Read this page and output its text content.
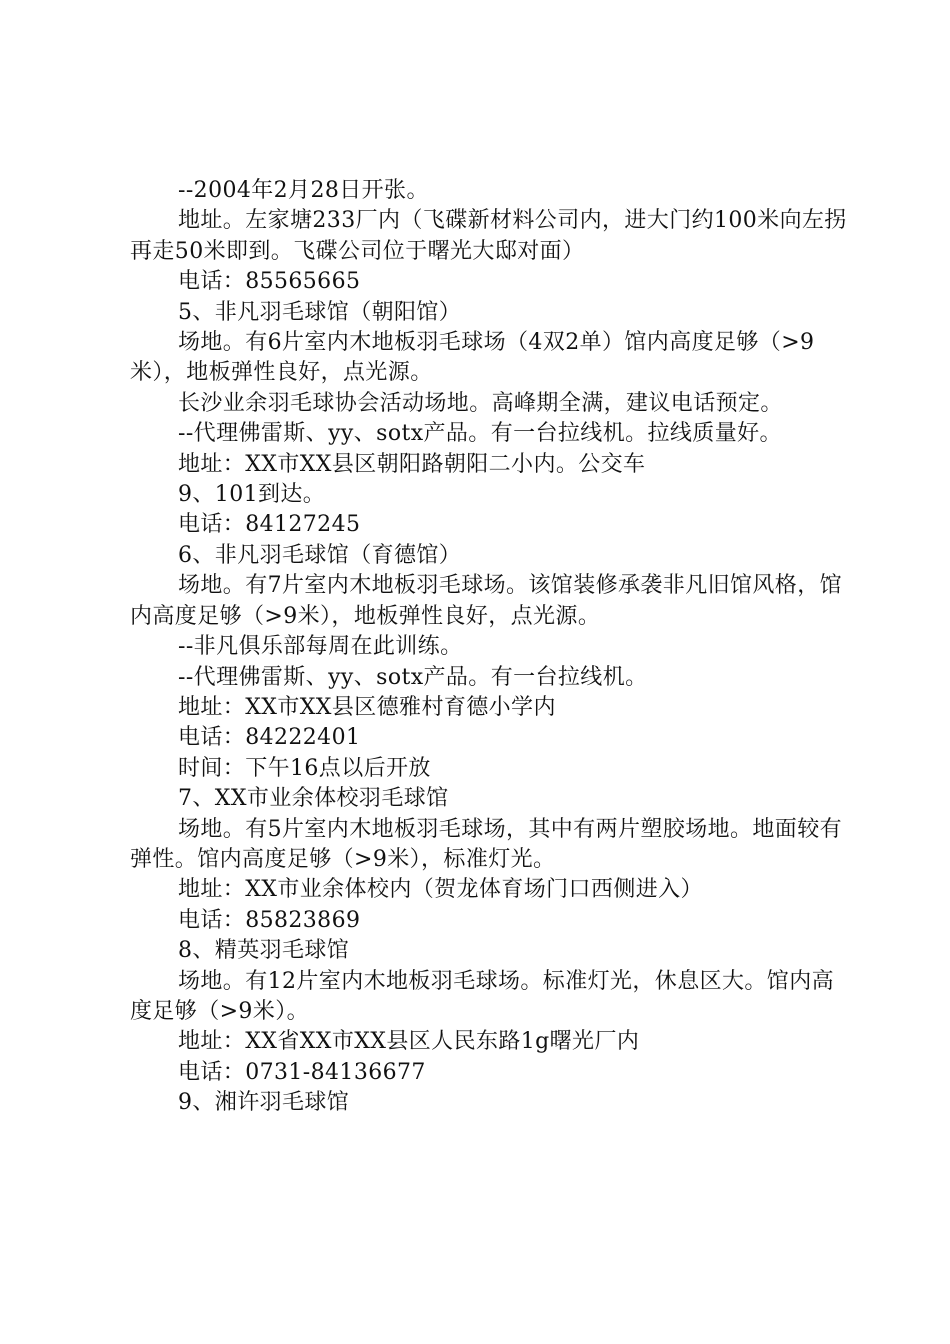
--2004年2月28日开张。

地址。左家塘233厂内（飞碟新材料公司内，进大门约100米向左拐再走50米即到。飞碟公司位于曙光大邸对面）

电话：85565665

5、非凡羽毛球馆（朝阳馆）

场地。有6片室内木地板羽毛球场（4双2单）馆内高度足够（>9米），地板弹性良好，点光源。

长沙业余羽毛球协会活动场地。高峰期全满，建议电话预定。

--代理佛雷斯、yy、sotx产品。有一台拉线机。拉线质量好。

地址：XX市XX县区朝阳路朝阳二小内。公交车

9、101到达。

电话：84127245

6、非凡羽毛球馆（育德馆）

场地。有7片室内木地板羽毛球场。该馆装修承袭非凡旧馆风格，馆内高度足够（>9米），地板弹性良好，点光源。

--非凡俱乐部每周在此训练。

--代理佛雷斯、yy、sotx产品。有一台拉线机。

地址：XX市XX县区德雅村育德小学内

电话：84222401

时间：下午16点以后开放

7、XX市业余体校羽毛球馆

场地。有5片室内木地板羽毛球场，其中有两片塑胶场地。地面较有弹性。馆内高度足够（>9米），标准灯光。

地址：XX市业余体校内（贺龙体育场门口西侧进入）

电话：85823869

8、精英羽毛球馆

场地。有12片室内木地板羽毛球场。标准灯光，休息区大。馆内高度足够（>9米）。

地址：XX省XX市XX县区人民东路1g曙光厂内

电话：0731-84136677

9、湘许羽毛球馆
